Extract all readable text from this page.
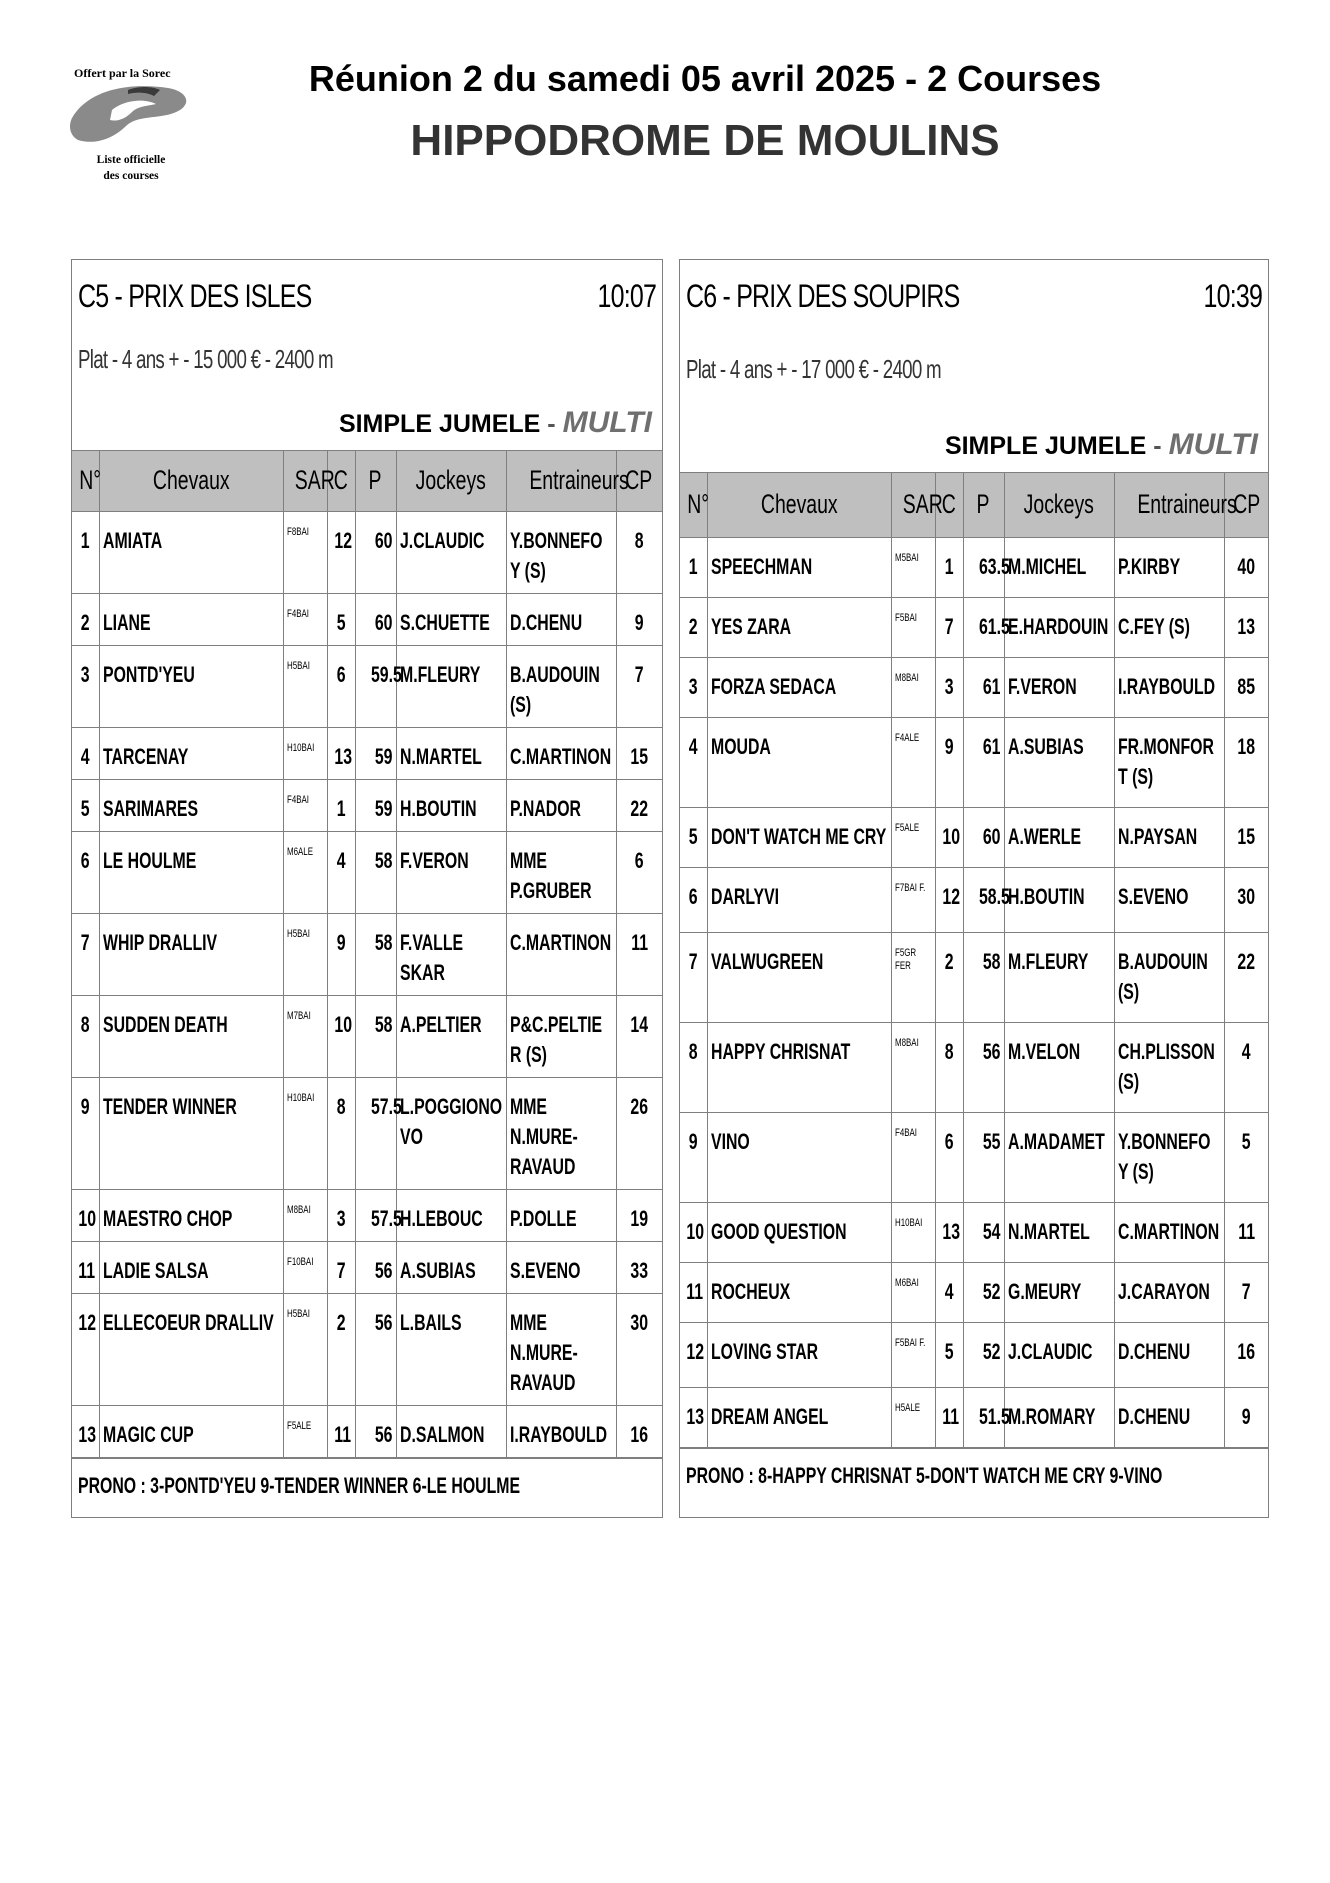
Offert par la Sorec
Liste officielle
des courses
Réunion 2 du samedi 05 avril 2025 - 2 Courses
HIPPODROME DE MOULINS
C5 - PRIX DES ISLES	10:07
Plat - 4 ans + - 15 000 € - 2400 m
SIMPLE JUMELE - MULTI
N°	Chevaux	SAR	C	P	Jockeys	Entraineurs	CP
1	AMIATA	F8BAI	12	60	J.CLAUDIC	Y.BONNEFOY (S)	8
2	LIANE	F4BAI	5	60	S.CHUETTE	D.CHENU	9
3	PONTD'YEU	H5BAI	6	59.5	M.FLEURY	B.AUDOUIN (S)	7
4	TARCENAY	H10BAI	13	59	N.MARTEL	C.MARTINON	15
5	SARIMARES	F4BAI	1	59	H.BOUTIN	P.NADOR	22
6	LE HOULME	M6ALE	4	58	F.VERON	MME P.GRUBER	6
7	WHIP DRALLIV	H5BAI	9	58	F.VALLE SKAR	C.MARTINON	11
8	SUDDEN DEATH	M7BAI	10	58	A.PELTIER	P&C.PELTIER (S)	14
9	TENDER WINNER	H10BAI	8	57.5	L.POGGIONO VO	MME N.MURE-RAVAUD	26
10	MAESTRO CHOP	M8BAI	3	57.5	H.LEBOUC	P.DOLLE	19
11	LADIE SALSA	F10BAI	7	56	A.SUBIAS	S.EVENO	33
12	ELLECOEUR DRALLIV	H5BAI	2	56	L.BAILS	MME N.MURE-RAVAUD	30
13	MAGIC CUP	F5ALE	11	56	D.SALMON	I.RAYBOULD	16
PRONO : 3-PONTD'YEU 9-TENDER WINNER 6-LE HOULME
C6 - PRIX DES SOUPIRS	10:39
Plat - 4 ans + - 17 000 € - 2400 m
SIMPLE JUMELE - MULTI
N°	Chevaux	SAR	C	P	Jockeys	Entraineurs	CP
1	SPEECHMAN	M5BAI	1	63.5	M.MICHEL	P.KIRBY	40
2	YES ZARA	F5BAI	7	61.5	E.HARDOUIN	C.FEY (S)	13
3	FORZA SEDACA	M8BAI	3	61	F.VERON	I.RAYBOULD	85
4	MOUDA	F4ALE	9	61	A.SUBIAS	FR.MONFORT (S)	18
5	DON'T WATCH ME CRY	F5ALE	10	60	A.WERLE	N.PAYSAN	15
6	DARLYVI	F7BAI F.	12	58.5	H.BOUTIN	S.EVENO	30
7	VALWUGREEN	F5GR FER	2	58	M.FLEURY	B.AUDOUIN (S)	22
8	HAPPY CHRISNAT	M8BAI	8	56	M.VELON	CH.PLISSON (S)	4
9	VINO	F4BAI	6	55	A.MADAMET	Y.BONNEFOY (S)	5
10	GOOD QUESTION	H10BAI	13	54	N.MARTEL	C.MARTINON	11
11	ROCHEUX	M6BAI	4	52	G.MEURY	J.CARAYON	7
12	LOVING STAR	F5BAI F.	5	52	J.CLAUDIC	D.CHENU	16
13	DREAM ANGEL	H5ALE	11	51.5	M.ROMARY	D.CHENU	9
PRONO : 8-HAPPY CHRISNAT 5-DON'T WATCH ME CRY 9-VINO
